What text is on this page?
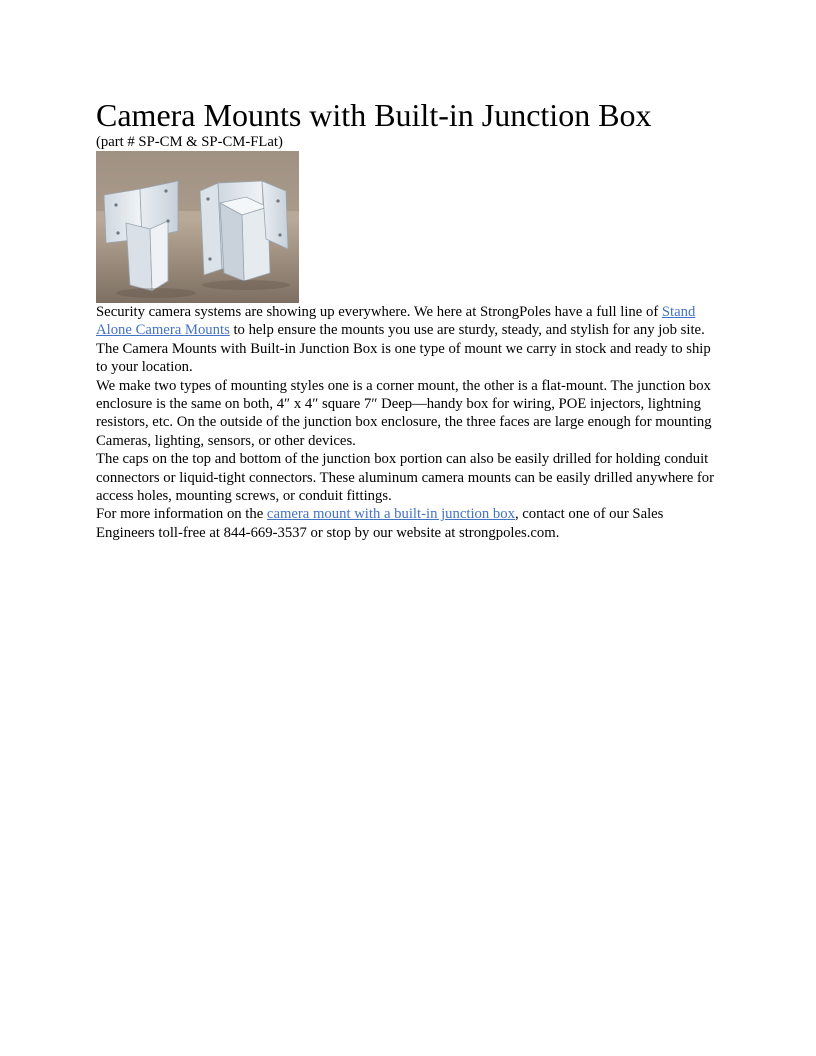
Camera Mounts with Built-in Junction Box

(part # SP-CM & SP-CM-FLat)

Security camera systems are showing up everywhere. We here at StrongPoles have a full line of Stand Alone Camera Mounts to help ensure the mounts you use are sturdy, steady, and stylish for any job site. The Camera Mounts with Built-in Junction Box is one type of mount we carry in stock and ready to ship to your location.

We make two types of mounting styles one is a corner mount, the other is a flat-mount. The junction box enclosure is the same on both, 4″ x 4″ square 7″ Deep—handy box for wiring, POE injectors, lightning resistors, etc. On the outside of the junction box enclosure, the three faces are large enough for mounting Cameras, lighting, sensors, or other devices.

The caps on the top and bottom of the junction box portion can also be easily drilled for holding conduit connectors or liquid-tight connectors. These aluminum camera mounts can be easily drilled anywhere for access holes, mounting screws, or conduit fittings.

For more information on the camera mount with a built-in junction box, contact one of our Sales Engineers toll-free at 844-669-3537 or stop by our website at strongpoles.com.
